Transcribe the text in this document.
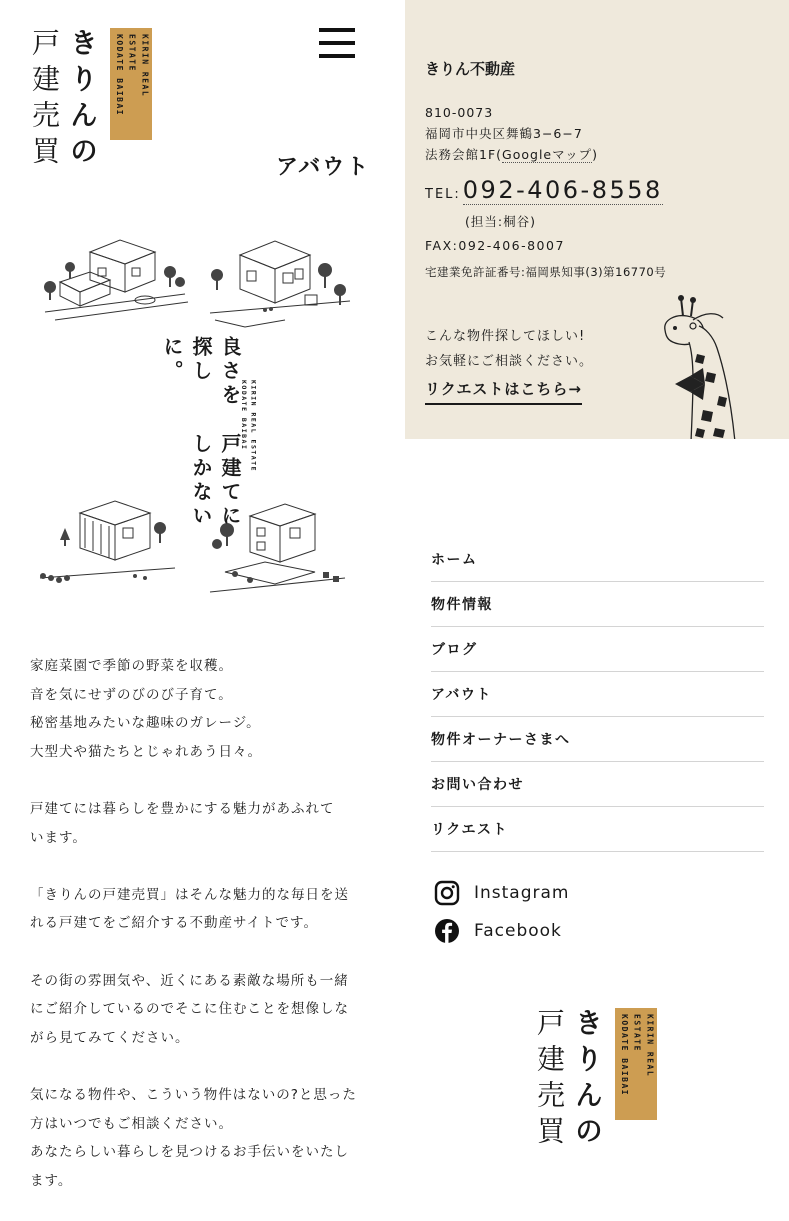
きりんの
戸建売買	KIRIN REAL ESTATE
KODATE BAIBAI
アバウト
戸建てにしかない
良さを探しに。
KIRIN REAL ESTATE
KODATE BAIBAI

家庭菜園で季節の野菜を収穫。
音を気にせずのびのび子育て。
秘密基地みたいな趣味のガレージ。
大型犬や猫たちとじゃれあう日々。

戸建てには暮らしを豊かにする魅力があふれて
います。

「きりんの戸建売買」はそんな魅力的な毎日を送
れる戸建てをご紹介する不動産サイトです。

その街の雰囲気や、近くにある素敵な場所も一緒
にご紹介しているのでそこに住むことを想像しな
がら見てみてください。

気になる物件や、こういう物件はないの?と思った
方はいつでもご相談ください。
あなたらしい暮らしを見つけるお手伝いをいたし
ます。

きりん不動産
810-0073
福岡市中央区舞鶴3−6−7
法務会館1F(Googleマップ)
TEL: 092-406-8558
(担当:桐谷)
FAX:092-406-8007
宅建業免許証番号:福岡県知事(3)第16770号
こんな物件探してほしい!
お気軽にご相談ください。
リクエストはこちら→
ホーム
物件情報
ブログ
アバウト
物件オーナーさまへ
お問い合わせ
リクエスト
Instagram
Facebook
きりんの
戸建売買	KIRIN REAL ESTATE
KODATE BAIBAI
